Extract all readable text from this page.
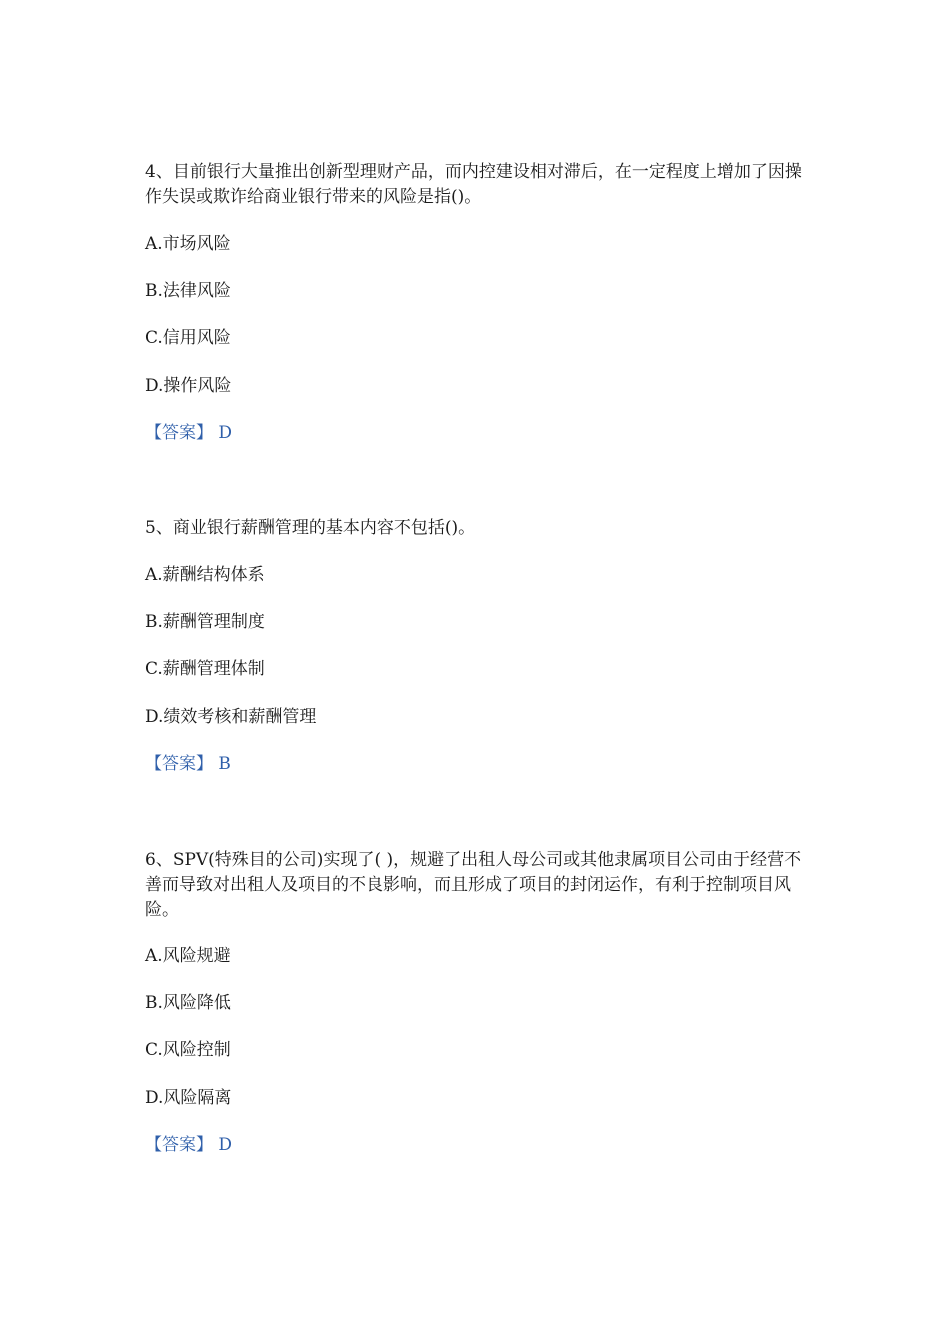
4、目前银行大量推出创新型理财产品，而内控建设相对滞后，在一定程度上增加了因操作失误或欺诈给商业银行带来的风险是指()。

A.市场风险
B.法律风险
C.信用风险
D.操作风险
【答案】 D

5、商业银行薪酬管理的基本内容不包括()。

A.薪酬结构体系
B.薪酬管理制度
C.薪酬管理体制
D.绩效考核和薪酬管理
【答案】 B

6、SPV(特殊目的公司)实现了( )，规避了出租人母公司或其他隶属项目公司由于经营不善而导致对出租人及项目的不良影响，而且形成了项目的封闭运作，有利于控制项目风险。

A.风险规避
B.风险降低
C.风险控制
D.风险隔离
【答案】 D
